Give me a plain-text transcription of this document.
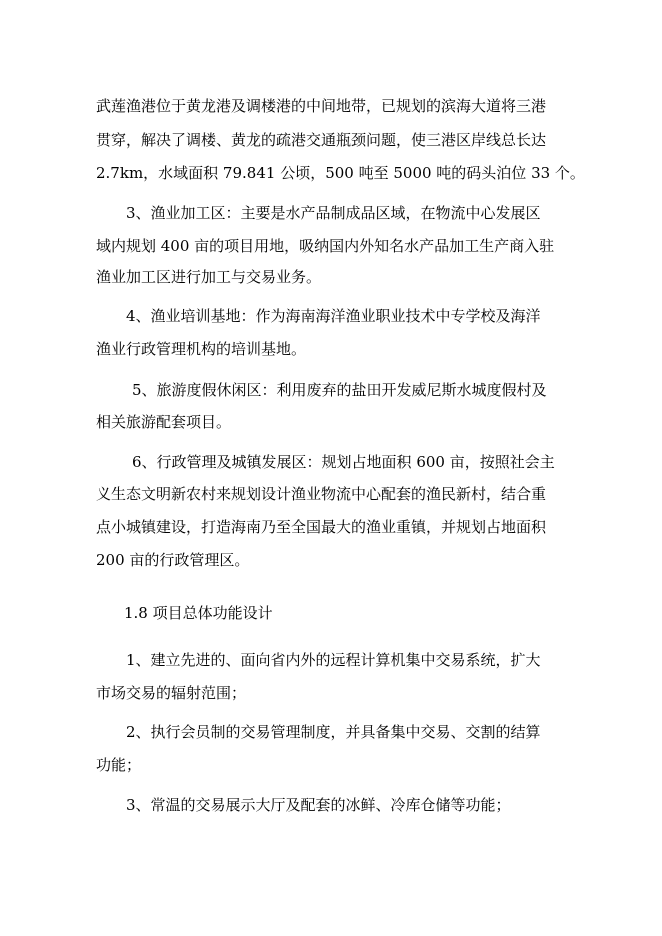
武莲渔港位于黄龙港及调楼港的中间地带，已规划的滨海大道将三港
贯穿，解决了调楼、黄龙的疏港交通瓶颈问题，使三港区岸线总长达
2.7km，水域面积 79.841 公顷，500 吨至 5000 吨的码头泊位 33 个。
3、渔业加工区：主要是水产品制成品区域，在物流中心发展区
域内规划 400 亩的项目用地，吸纳国内外知名水产品加工生产商入驻
渔业加工区进行加工与交易业务。
4、渔业培训基地：作为海南海洋渔业职业技术中专学校及海洋
渔业行政管理机构的培训基地。
5、旅游度假休闲区：利用废弃的盐田开发威尼斯水城度假村及
相关旅游配套项目。
6、行政管理及城镇发展区：规划占地面积 600 亩，按照社会主
义生态文明新农村来规划设计渔业物流中心配套的渔民新村，结合重
点小城镇建设，打造海南乃至全国最大的渔业重镇，并规划占地面积
200 亩的行政管理区。
1.8 项目总体功能设计
1、建立先进的、面向省内外的远程计算机集中交易系统，扩大
市场交易的辐射范围；
2、执行会员制的交易管理制度，并具备集中交易、交割的结算
功能；
3、常温的交易展示大厅及配套的冰鲜、冷库仓储等功能；
